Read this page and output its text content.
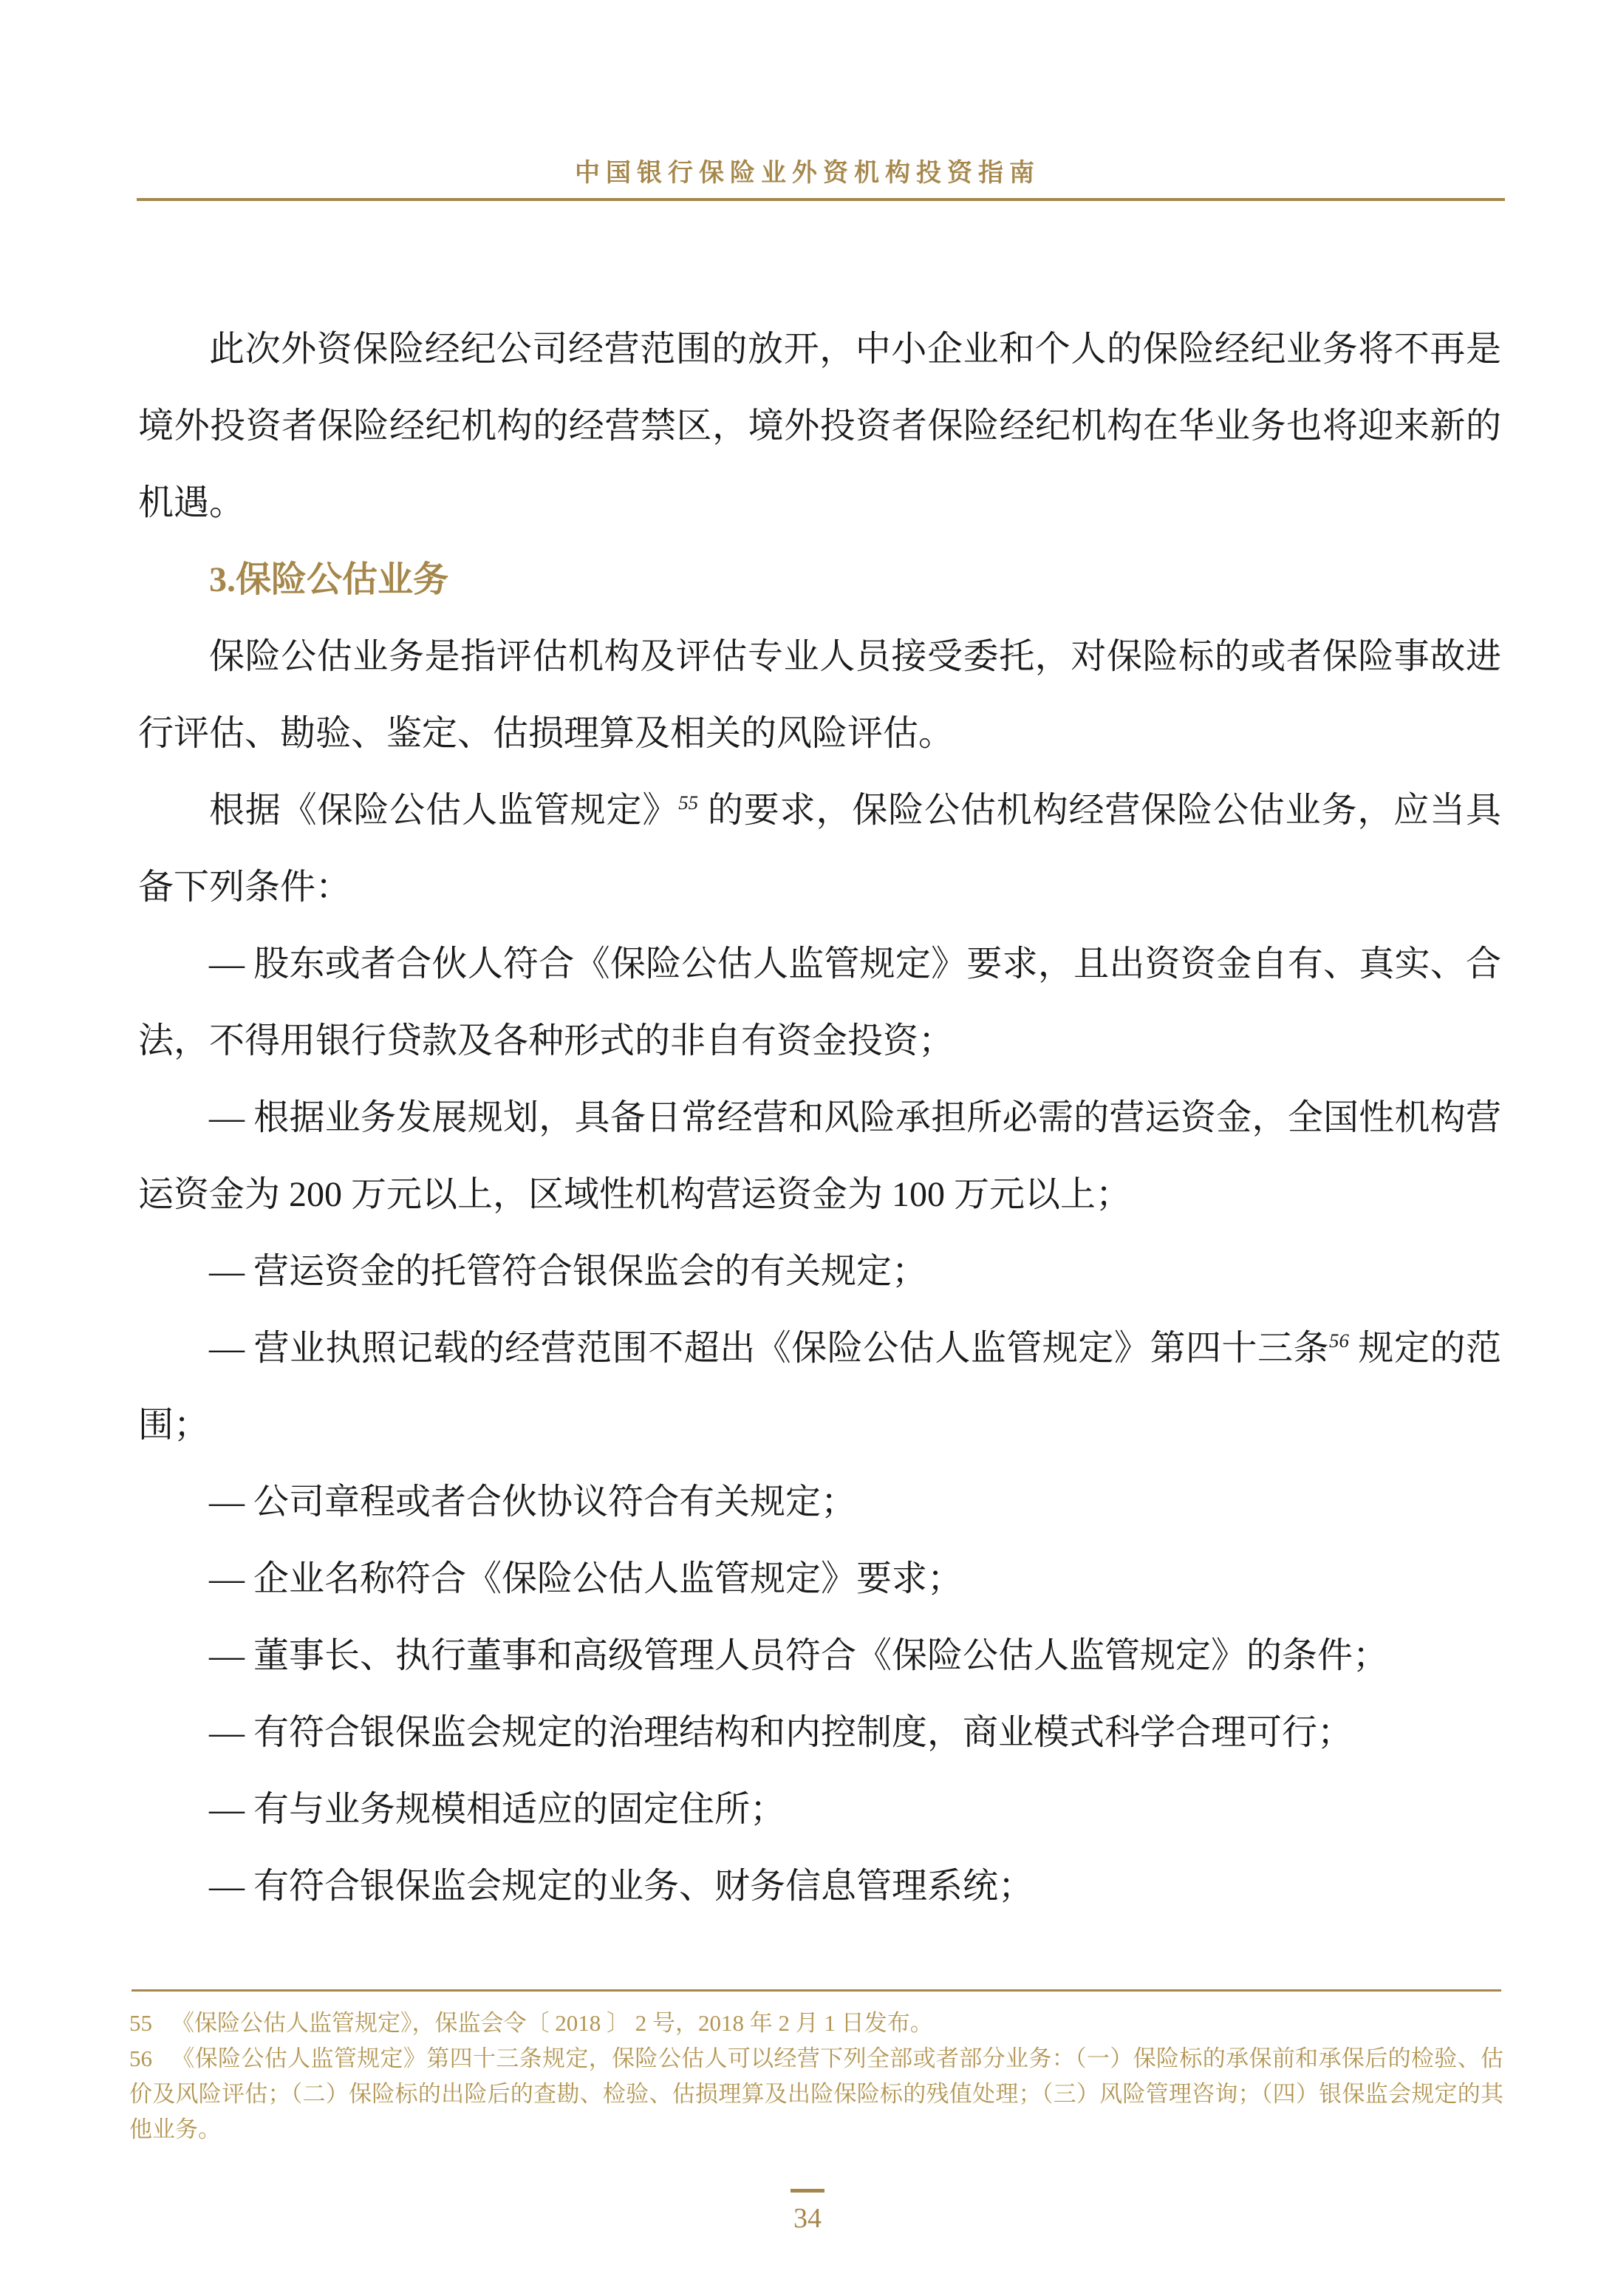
中国银行保险业外资机构投资指南

此次外资保险经纪公司经营范围的放开，中小企业和个人的保险经纪业务将不再是境外投资者保险经纪机构的经营禁区，境外投资者保险经纪机构在华业务也将迎来新的机遇。

3.保险公估业务

保险公估业务是指评估机构及评估专业人员接受委托，对保险标的或者保险事故进行评估、勘验、鉴定、估损理算及相关的风险评估。

根据《保险公估人监管规定》$^{55}$ 的要求，保险公估机构经营保险公估业务，应当具备下列条件：

— 股东或者合伙人符合《保险公估人监管规定》要求，且出资资金自有、真实、合法，不得用银行贷款及各种形式的非自有资金投资；

— 根据业务发展规划，具备日常经营和风险承担所必需的营运资金，全国性机构营运资金为 200 万元以上，区域性机构营运资金为 100 万元以上；

— 营运资金的托管符合银保监会的有关规定；

— 营业执照记载的经营范围不超出《保险公估人监管规定》第四十三条$^{56}$ 规定的范围；

— 公司章程或者合伙协议符合有关规定；

— 企业名称符合《保险公估人监管规定》要求；

— 董事长、执行董事和高级管理人员符合《保险公估人监管规定》的条件；

— 有符合银保监会规定的治理结构和内控制度，商业模式科学合理可行；

— 有与业务规模相适应的固定住所；

— 有符合银保监会规定的业务、财务信息管理系统；

55 《保险公估人监管规定》，保监会令〔 2018 〕 2 号，2018 年 2 月 1 日发布。

56 《保险公估人监管规定》第四十三条规定，保险公估人可以经营下列全部或者部分业务：（一）保险标的承保前和承保后的检验、估价及风险评估；（二）保险标的出险后的查勘、检验、估损理算及出险保险标的残值处理；（三）风险管理咨询；（四）银保监会规定的其他业务。

34
